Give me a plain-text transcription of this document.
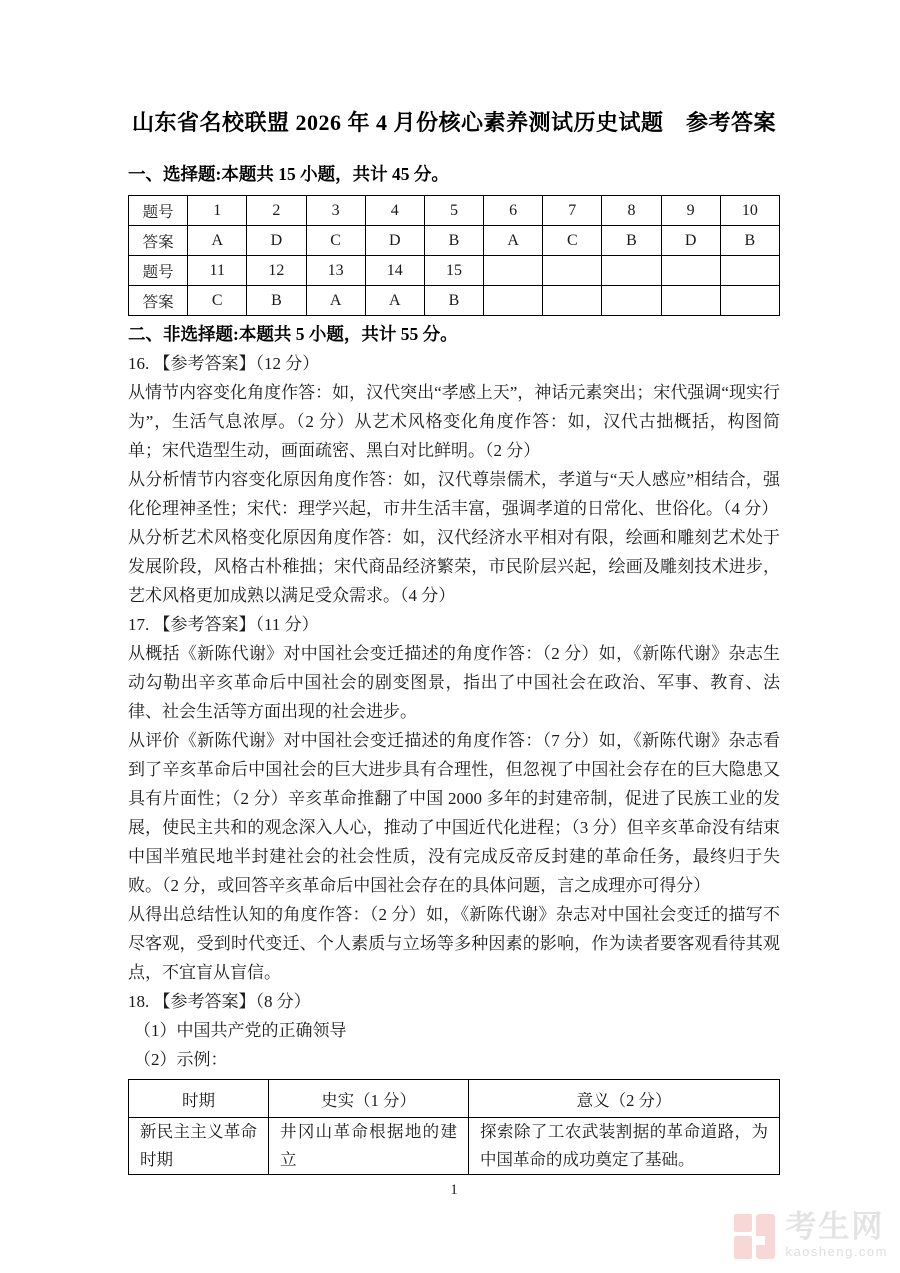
山东省名校联盟 2026 年 4 月份核心素养测试历史试题　参考答案
一、选择题:本题共 15 小题，共计 45 分。
题号	1	2	3	4	5	6	7	8	9	10
答案	A	D	C	D	B	A	C	B	D	B
题号	11	12	13	14	15					
答案	C	B	A	A	B					
二、非选择题:本题共 5 小题，共计 55 分。

16. 【参考答案】（12 分）

从情节内容变化角度作答：如，汉代突出“孝感上天”，神话元素突出；宋代强调“现实行为”，生活气息浓厚。（2 分）从艺术风格变化角度作答：如，汉代古拙概括，构图简单；宋代造型生动，画面疏密、黑白对比鲜明。（2 分）

从分析情节内容变化原因角度作答：如，汉代尊崇儒术，孝道与“天人感应”相结合，强化伦理神圣性；宋代：理学兴起，市井生活丰富，强调孝道的日常化、世俗化。（4 分）

从分析艺术风格变化原因角度作答：如，汉代经济水平相对有限，绘画和雕刻艺术处于发展阶段，风格古朴稚拙；宋代商品经济繁荣，市民阶层兴起，绘画及雕刻技术进步，艺术风格更加成熟以满足受众需求。（4 分）

17. 【参考答案】（11 分）

从概括《新陈代谢》对中国社会变迁描述的角度作答：（2 分）如，《新陈代谢》杂志生动勾勒出辛亥革命后中国社会的剧变图景，指出了中国社会在政治、军事、教育、法律、社会生活等方面出现的社会进步。

从评价《新陈代谢》对中国社会变迁描述的角度作答：（7 分）如，《新陈代谢》杂志看到了辛亥革命后中国社会的巨大进步具有合理性，但忽视了中国社会存在的巨大隐患又具有片面性；（2 分）辛亥革命推翻了中国 2000 多年的封建帝制，促进了民族工业的发展，使民主共和的观念深入人心，推动了中国近代化进程；（3 分）但辛亥革命没有结束中国半殖民地半封建社会的社会性质，没有完成反帝反封建的革命任务，最终归于失败。（2 分，或回答辛亥革命后中国社会存在的具体问题，言之成理亦可得分）

从得出总结性认知的角度作答：（2 分）如，《新陈代谢》杂志对中国社会变迁的描写不尽客观，受到时代变迁、个人素质与立场等多种因素的影响，作为读者要客观看待其观点，不宜盲从盲信。

18. 【参考答案】（8 分）

（1）中国共产党的正确领导

（2）示例：

时期	史实（1 分）	意义（2 分）
新民主主义革命时期	井冈山革命根据地的建立	探索除了工农武装割据的革命道路，为中国革命的成功奠定了基础。
1
考生网
kaosheng.com
